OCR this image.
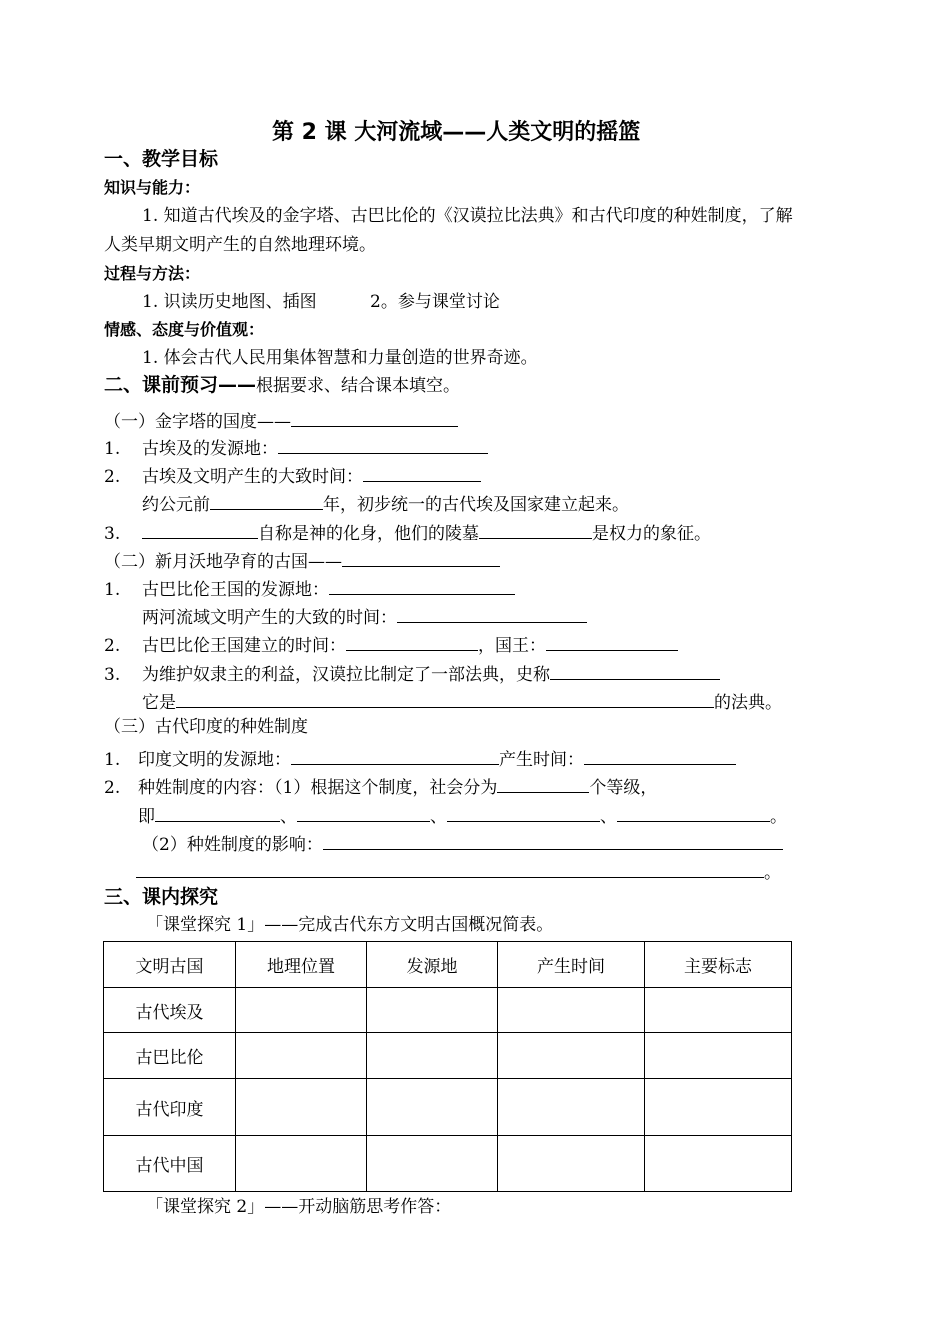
第 2 课 大河流域——人类文明的摇篮
一、教学目标
知识与能力：
1. 知道古代埃及的金字塔、古巴比伦的《汉谟拉比法典》和古代印度的种姓制度，了解
人类早期文明产生的自然地理环境。
过程与方法：
1. 识读历史地图、插图	2。参与课堂讨论
情感、态度与价值观：
1. 体会古代人民用集体智慧和力量创造的世界奇迹。
二、课前预习——根据要求、结合课本填空。
（一）金字塔的国度——
1. 古埃及的发源地：
2. 古埃及文明产生的大致时间：
约公元前	年，初步统一的古代埃及国家建立起来。
3.	自称是神的化身，他们的陵墓	是权力的象征。
（二）新月沃地孕育的古国——
1. 古巴比伦王国的发源地：
两河流域文明产生的大致的时间：
2. 古巴比伦王国建立的时间：	，国王：
3. 为维护奴隶主的利益，汉谟拉比制定了一部法典，史称
它是	的法典。
（三）古代印度的种姓制度
1. 印度文明的发源地：	产生时间：
2. 种姓制度的内容：（1）根据这个制度，社会分为	个等级，
即	、	、	、	。
（2）种姓制度的影响：
。
三、课内探究
「课堂探究 1」——完成古代东方文明古国概况简表。
文明古国	地理位置	发源地	产生时间	主要标志
古代埃及				
古巴比伦				
古代印度				
古代中国				
「课堂探究 2」——开动脑筋思考作答：
